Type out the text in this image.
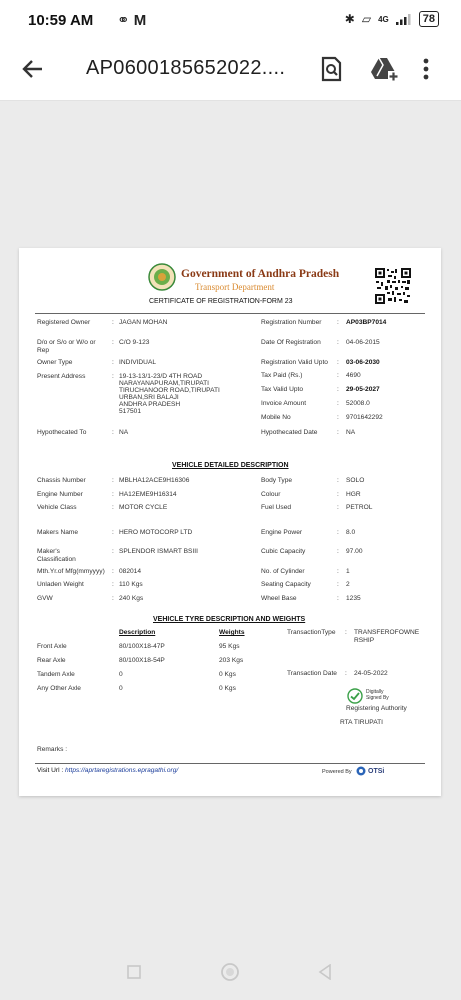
10:59 AM ⚭ M	✱ ▱ 4G	78
AP0600185652022....
Government of Andhra Pradesh
Transport Department
CERTIFICATE OF REGISTRATION-FORM 23
Registered Owner	: JAGAN MOHAN
D/o or S/o or W/o or Rep
: C/O 9-123
Owner Type	: INDIVIDUAL
Present Address	: 19-13-13/1-23/D 4TH ROAD
NARAYANAPURAM,TIRUPATI
TIRUCHANOOR ROAD,TIRUPATI
URBAN,SRI BALAJI
ANDHRA PRADESH
517501
Hypothecated To	: NA
Registration Number : AP03BP7014
Date Of Registration : 04-06-2015
Registration Valid Upto : 03-06-2030
Tax Paid (Rs.)	: 4690
Tax Valid Upto	: 29-05-2027
Invoice Amount	: 52008.0
Mobile No	: 9701642292
Hypothecated Date	: NA
VEHICLE DETAILED DESCRIPTION
Chassis Number	: MBLHA12ACE9H16306
Engine Number	: HA12EME9H16314
Vehicle Class	: MOTOR CYCLE
Makers Name	: HERO MOTOCORP LTD
Maker's Classification
: SPLENDOR ISMART BSIII
Mth.Yr.of Mfg(mmyyyy) : 082014
Unladen Weight	: 110 Kgs
GVW	: 240 Kgs
Body Type	: SOLO
Colour	: HGR
Fuel Used	: PETROL
Engine Power	: 8.0
Cubic Capacity	: 97.00
No. of Cylinder	: 1
Seating Capacity	: 2
Wheel Base	: 1235
VEHICLE TYRE DESCRIPTION AND WEIGHTS
Description	Weights
Front Axle	80/100X18-47P	95 Kgs
Rear Axle	80/100X18-54P	203 Kgs
Tandem Axle	0	0 Kgs
Any Other Axle	0	0 Kgs
TransactionType : TRANSFEROFOWNE
RSHIP
Transaction Date : 24-05-2022
Digitally
Signed By
Registering Authority
RTA TIRUPATI
Remarks :
Visit Url : https://aprtaregistrations.epragathi.org/	Powered By OTSi
